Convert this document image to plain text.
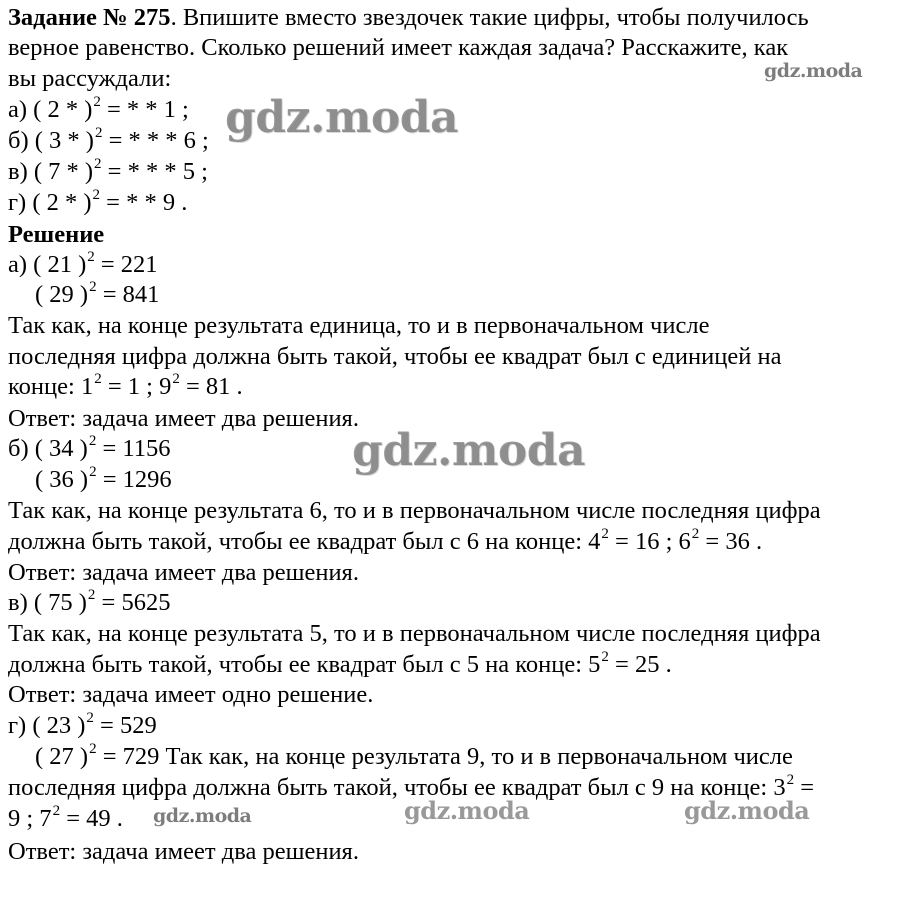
Задание № 275. Впишите вместо звездочек такие цифры, чтобы получилось
верное равенство. Сколько решений имеет каждая задача? Расскажите, как
вы рассуждали:
а) ( 2 * )$^2$ = * * 1 ;
б) ( 3 * )$^2$ = * * * 6 ;
в) ( 7 * )$^2$ = * * * 5 ;
г) ( 2 * )$^2$ = * * 9 .
Решение
а) ( 21 )$^2$ = 221
( 29 )$^2$ = 841
Так как, на конце результата единица, то и в первоначальном числе
последняя цифра должна быть такой, чтобы ее квадрат был с единицей на
конце: $1^2 = 1$ ; $9^2 = 81$ .
Ответ: задача имеет два решения.
б) ( 34 )$^2$ = 1156
( 36 )$^2$ = 1296
Так как, на конце результата 6, то и в первоначальном числе последняя цифра
должна быть такой, чтобы ее квадрат был с 6 на конце: $4^2 = 16$ ; $6^2 = 36$ .
Ответ: задача имеет два решения.
в) ( 75 )$^2$ = 5625
Так как, на конце результата 5, то и в первоначальном числе последняя цифра
должна быть такой, чтобы ее квадрат был с 5 на конце: $5^2 = 25$ .
Ответ: задача имеет одно решение.
г) ( 23 )$^2$ = 529
( 27 )$^2$ = 729 Так как, на конце результата 9, то и в первоначальном числе
последняя цифра должна быть такой, чтобы ее квадрат был с 9 на конце: $3^2$ =
9 ; $7^2 = 49$ .
Ответ: задача имеет два решения.
gdz.moda
gdz.moda
gdz.moda
gdz.moda	gdz.moda	gdz.moda
